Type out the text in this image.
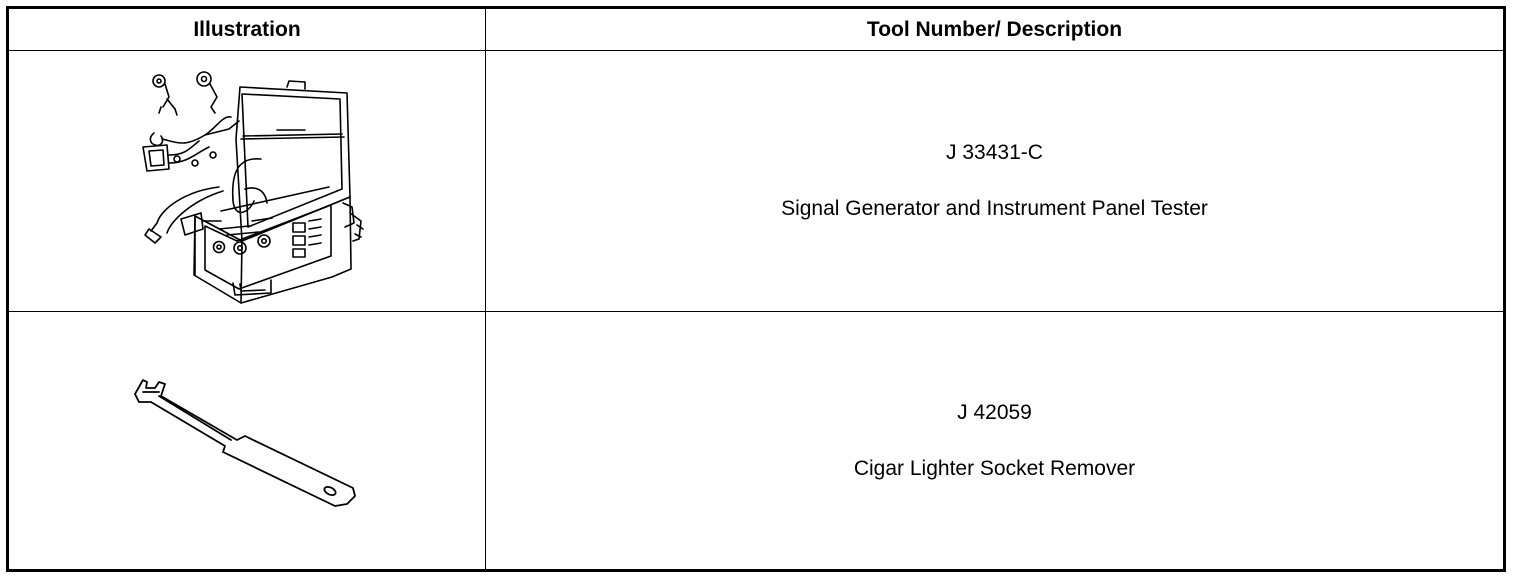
Illustration	Tool Number/ Description
J 33431-C
Signal Generator and Instrument Panel Tester
J 42059
Cigar Lighter Socket Remover
